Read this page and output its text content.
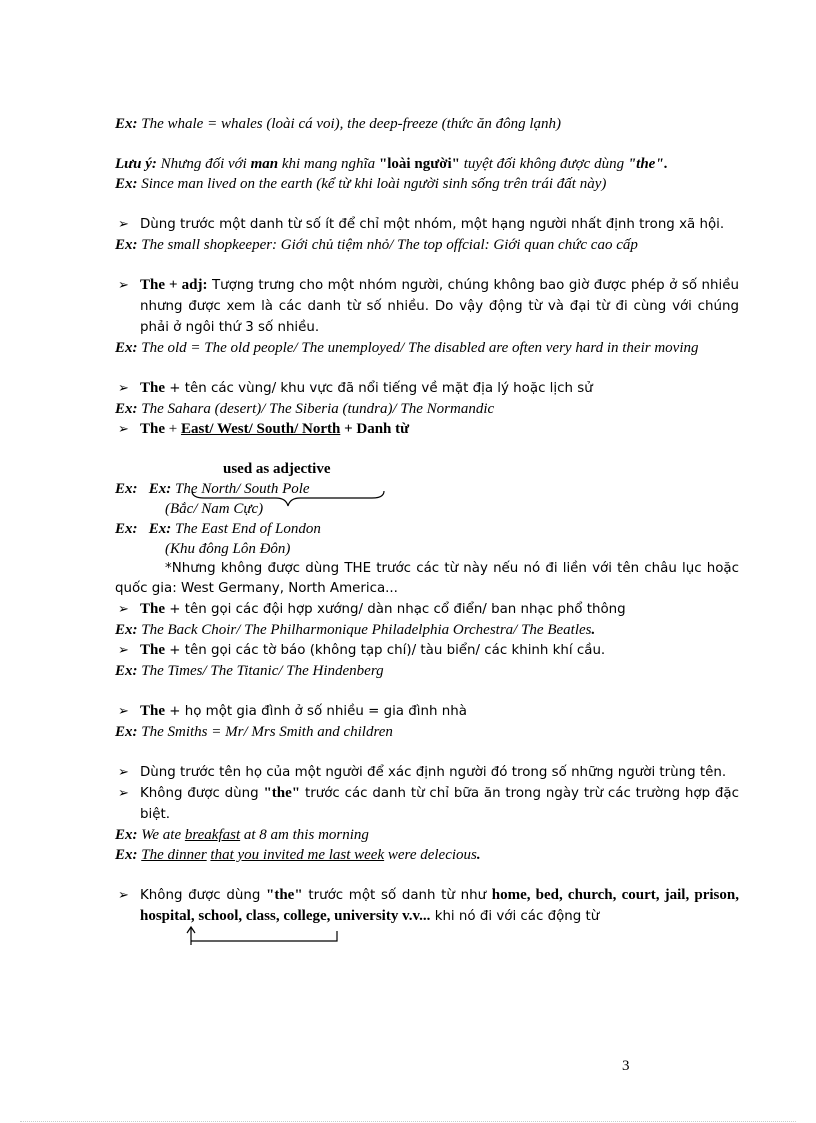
Ex: The whale = whales (loài cá voi), the deep-freeze (thức ăn đông lạnh)

Lưu ý: Nhưng đối với man khi mang nghĩa "loài người" tuyệt đối không được dùng "the".

Ex: Since man lived on the earth (kể từ khi loài người sinh sống trên trái đất này)

➢ Dùng trước một danh từ số ít để chỉ một nhóm, một hạng người nhất định trong xã hội.

Ex: The small shopkeeper: Giới chủ tiệm nhỏ/ The top offcial: Giới quan chức cao cấp

➢ The + adj: Tượng trưng cho một nhóm người, chúng không bao giờ được phép ở số nhiều nhưng được xem là các danh từ số nhiều. Do vậy động từ và đại từ đi cùng với chúng phải ở ngôi thứ 3 số nhiều.

Ex: The old = The old people/ The unemployed/ The disabled are often very hard in their moving

➢ The + tên các vùng/ khu vực đã nổi tiếng về mặt địa lý hoặc lịch sử

Ex: The Sahara (desert)/ The Siberia (tundra)/ The Normandic

➢ The + East/ West/ South/ North + Danh từ

used as adjective

Ex: Ex: The North/ South Pole

(Bắc/ Nam Cực)

Ex: Ex: The East End of London

(Khu đông Lôn Đôn)

*Nhưng không được dùng THE trước các từ này nếu nó đi liền với tên châu lục hoặc quốc gia: West Germany, North America...

➢ The + tên gọi các đội hợp xướng/ dàn nhạc cổ điển/ ban nhạc phổ thông

Ex: The Back Choir/ The Philharmonique Philadelphia Orchestra/ The Beatles.

➢ The + tên gọi các tờ báo (không tạp chí)/ tàu biển/ các khinh khí cầu.

Ex: The Times/ The Titanic/ The Hindenberg

➢ The + họ một gia đình ở số nhiều = gia đình nhà

Ex: The Smiths = Mr/ Mrs Smith and children

➢ Dùng trước tên họ của một người để xác định người đó trong số những người trùng tên.
➢ Không được dùng "the" trước các danh từ chỉ bữa ăn trong ngày trừ các trường hợp đặc biệt.

Ex: We ate breakfast at 8 am this morning

Ex: The dinner that you invited me last week were delecious.

➢ Không được dùng "the" trước một số danh từ như home, bed, church, court, jail, prison, hospital, school, class, college, university v.v... khi nó đi với các động từ
3
